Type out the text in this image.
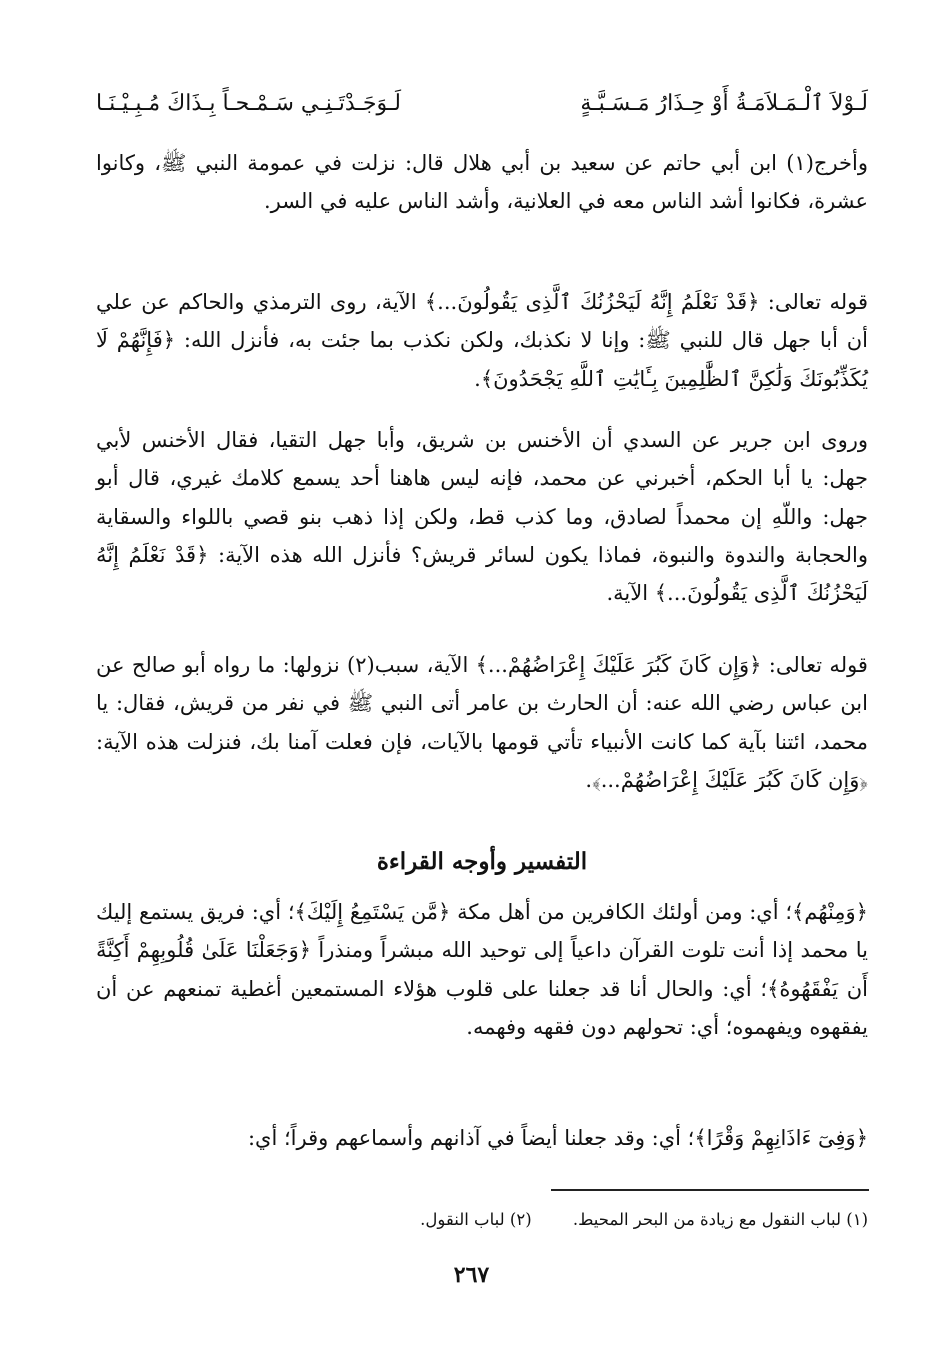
لَـوْلاَ ٱلْـمَـلاَمَـةُ أَوْ حِـذَارُ مَـسَـبَّـةٍ
لَـوَجَـدْتَـنِـي سَـمْـحـاً بِـذَاكَ مُـبِـيْـنَـا

وأخرج(١) ابن أبي حاتم عن سعيد بن أبي هلال قال: نزلت في عمومة النبي ﷺ، وكانوا عشرة، فكانوا أشد الناس معه في العلانية، وأشد الناس عليه في السر.

قوله تعالى: ﴿قَدْ نَعْلَمُ إِنَّهُ لَيَحْزُنُكَ ٱلَّذِى يَقُولُونَ...﴾ الآية، روى الترمذي والحاكم عن علي أن أبا جهل قال للنبي ﷺ: وإنا لا نكذبك، ولكن نكذب بما جئت به، فأنزل الله: ﴿فَإِنَّهُمْ لَا يُكَذِّبُونَكَ وَلَٰكِنَّ ٱلظَّٰلِمِينَ بِـَٔايَٰتِ ٱللَّهِ يَجْحَدُونَ﴾.

وروى ابن جرير عن السدي أن الأخنس بن شريق، وأبا جهل التقيا، فقال الأخنس لأبي جهل: يا أبا الحكم، أخبرني عن محمد، فإنه ليس هاهنا أحد يسمع كلامك غيري، قال أبو جهل: واللّهِ إن محمداً لصادق، وما كذب قط، ولكن إذا ذهب بنو قصي باللواء والسقاية والحجابة والندوة والنبوة، فماذا يكون لسائر قريش؟ فأنزل الله هذه الآية: ﴿قَدْ نَعْلَمُ إِنَّهُ لَيَحْزُنُكَ ٱلَّذِى يَقُولُونَ...﴾ الآية.

قوله تعالى: ﴿وَإِن كَانَ كَبُرَ عَلَيْكَ إِعْرَاضُهُمْ...﴾ الآية، سبب(٢) نزولها: ما رواه أبو صالح عن ابن عباس رضي الله عنه: أن الحارث بن عامر أتى النبي ﷺ في نفر من قريش، فقال: يا محمد، ائتنا بآية كما كانت الأنبياء تأتي قومها بالآيات، فإن فعلت آمنا بك، فنزلت هذه الآية: ﴿وَإِن كَانَ كَبُرَ عَلَيْكَ إِعْرَاضُهُمْ...﴾.

التفسير وأوجه القراءة

﴿وَمِنْهُم﴾؛ أي: ومن أولئك الكافرين من أهل مكة ﴿مَّن يَسْتَمِعُ إِلَيْكَ﴾؛ أي: فريق يستمع إليك يا محمد إذا أنت تلوت القرآن داعياً إلى توحيد الله مبشراً ومنذراً ﴿وَجَعَلْنَا عَلَىٰ قُلُوبِهِمْ أَكِنَّةً أَن يَفْقَهُوهُ﴾؛ أي: والحال أنا قد جعلنا على قلوب هؤلاء المستمعين أغطية تمنعهم عن أن يفقهوه ويفهموه؛ أي: تحولهم دون فقهه وفهمه.

﴿وَفِىٓ ءَاذَانِهِمْ وَقْرًا﴾؛ أي: وقد جعلنا أيضاً في آذانهم وأسماعهم وقراً؛ أي:

(١) لباب النقول مع زيادة من البحر المحيط. (٢) لباب النقول.
٢٦٧
